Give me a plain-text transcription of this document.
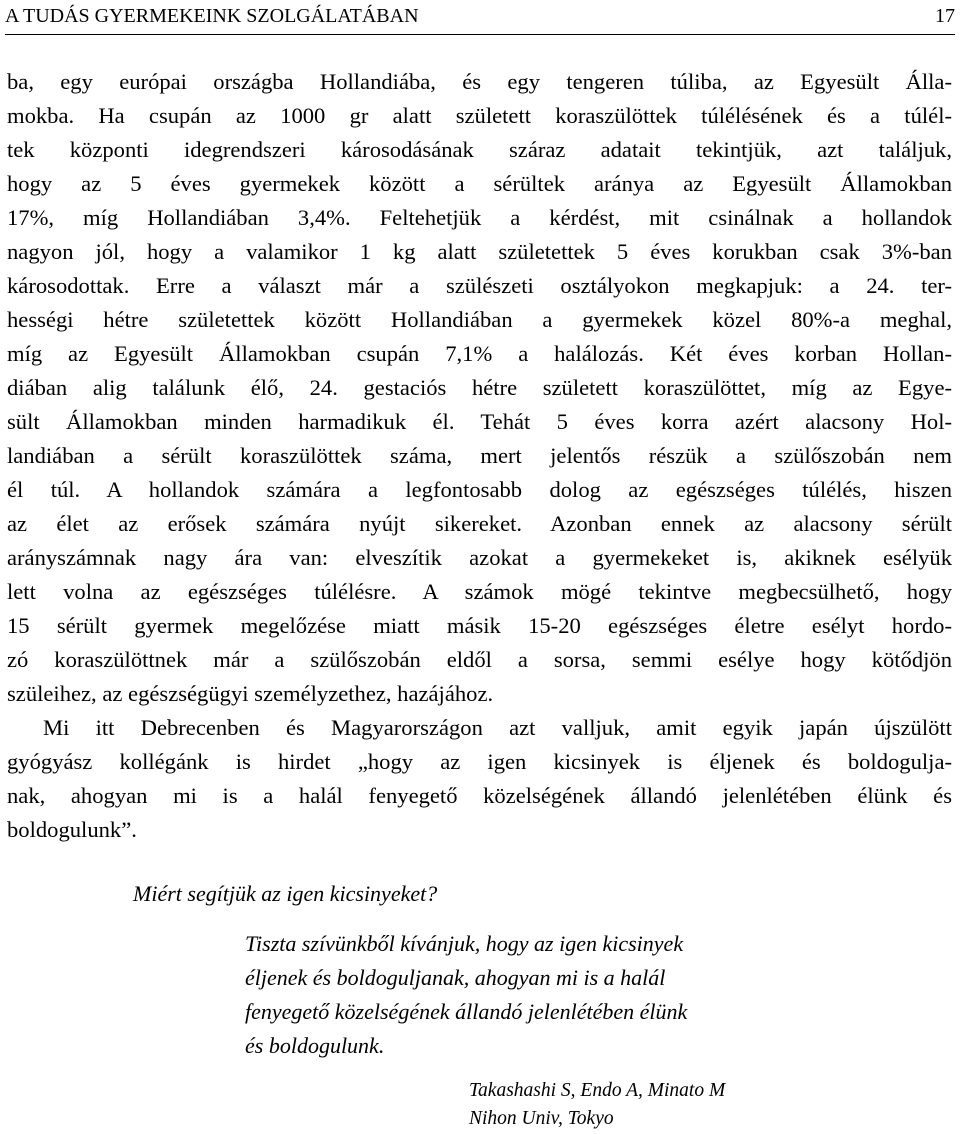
A TUDÁS GYERMEKEINK SZOLGÁLATÁBAN	17
ba, egy európai országba Hollandiába, és egy tengeren túliba, az Egyesült Álla-
mokba. Ha csupán az 1000 gr alatt született koraszülöttek túlélésének és a túlél-
tek központi idegrendszeri károsodásának száraz adatait tekintjük, azt találjuk,
hogy az 5 éves gyermekek között a sérültek aránya az Egyesült Államokban
17%, míg Hollandiában 3,4%. Feltehetjük a kérdést, mit csinálnak a hollandok
nagyon jól, hogy a valamikor 1 kg alatt születettek 5 éves korukban csak 3%-ban
károsodottak. Erre a választ már a szülészeti osztályokon megkapjuk: a 24. ter-
hességi hétre születettek között Hollandiában a gyermekek közel 80%-a meghal,
míg az Egyesült Államokban csupán 7,1% a halálozás. Két éves korban Hollan-
diában alig találunk élő, 24. gestaciós hétre született koraszülöttet, míg az Egye-
sült Államokban minden harmadikuk él. Tehát 5 éves korra azért alacsony Hol-
landiában a sérült koraszülöttek száma, mert jelentős részük a szülőszobán nem
él túl. A hollandok számára a legfontosabb dolog az egészséges túlélés, hiszen
az élet az erősek számára nyújt sikereket. Azonban ennek az alacsony sérült
arányszámnak nagy ára van: elveszítik azokat a gyermekeket is, akiknek esélyük
lett volna az egészséges túlélésre. A számok mögé tekintve megbecsülhető, hogy
15 sérült gyermek megelőzése miatt másik 15-20 egészséges életre esélyt hordo-
zó koraszülöttnek már a szülőszobán eldől a sorsa, semmi esélye hogy kötődjön
szüleihez, az egészségügyi személyzethez, hazájához.
Mi itt Debrecenben és Magyarországon azt valljuk, amit egyik japán újszülött
gyógyász kollégánk is hirdet „hogy az igen kicsinyek is éljenek és boldogulja-
nak, ahogyan mi is a halál fenyegető közelségének állandó jelenlétében élünk és
boldogulunk”.
Miért segítjük az igen kicsinyeket?
Tiszta szívünkből kívánjuk, hogy az igen kicsinyek
éljenek és boldoguljanak, ahogyan mi is a halál
fenyegető közelségének állandó jelenlétében élünk
és boldogulunk.
Takashashi S, Endo A, Minato M
Nihon Univ, Tokyo
